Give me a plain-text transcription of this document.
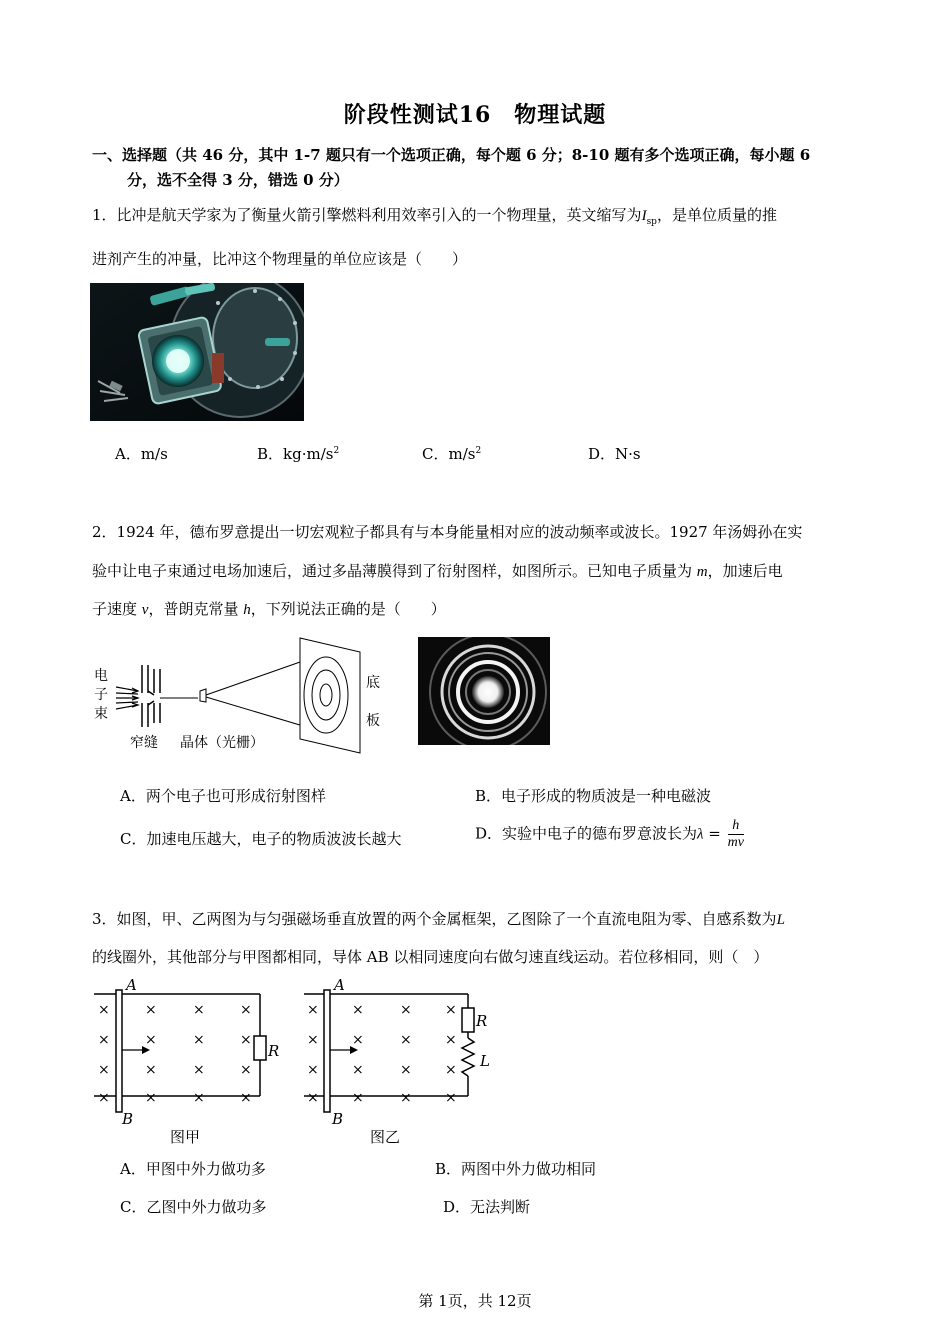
阶段性测试16　物理试题
一、选择题（共 46 分，其中 1-7 题只有一个选项正确，每个题 6 分；8-10 题有多个选项正确，每小题 6
分，选不全得 3 分，错选 0 分）
1．比冲是航天学家为了衡量火箭引擎燃料利用效率引入的一个物理量，英文缩写为$I_{sp}$，是单位质量的推
进剂产生的冲量，比冲这个物理量的单位应该是（　　）
A．m/s	B．$kg\cdot m/s^2$	C．$m/s^2$	D．N·s
2．1924 年，德布罗意提出一切宏观粒子都具有与本身能量相对应的波动频率或波长。1927 年汤姆孙在实
验中让电子束通过电场加速后，通过多晶薄膜得到了衍射图样，如图所示。已知电子质量为 m，加速后电
子速度 v，普朗克常量 h，下列说法正确的是（　　）
电
子
束
底
板
窄缝 晶体（光栅）
A．两个电子也可形成衍射图样	B．电子形成的物质波是一种电磁波
C．加速电压越大，电子的物质波波长越大	D．实验中电子的德布罗意波长为$\lambda = \frac{h}{mv}$
3．如图，甲、乙两图为与匀强磁场垂直放置的两个金属框架，乙图除了一个直流电阻为零、自感系数为L
的线圈外，其他部分与甲图都相同，导体 AB 以相同速度向右做匀速直线运动。若位移相同，则（　）
A
B
R
图甲
A
B
R
L
图乙
×
×
×
×
×
×
×
×
×
×
×
×
×
×
×
×
×
×
×
×
×
×
×
×
×
×
×
×
×
×
×
×
A．甲图中外力做功多	B．两图中外力做功相同
C．乙图中外力做功多	D．无法判断
第 1页，共 12页
